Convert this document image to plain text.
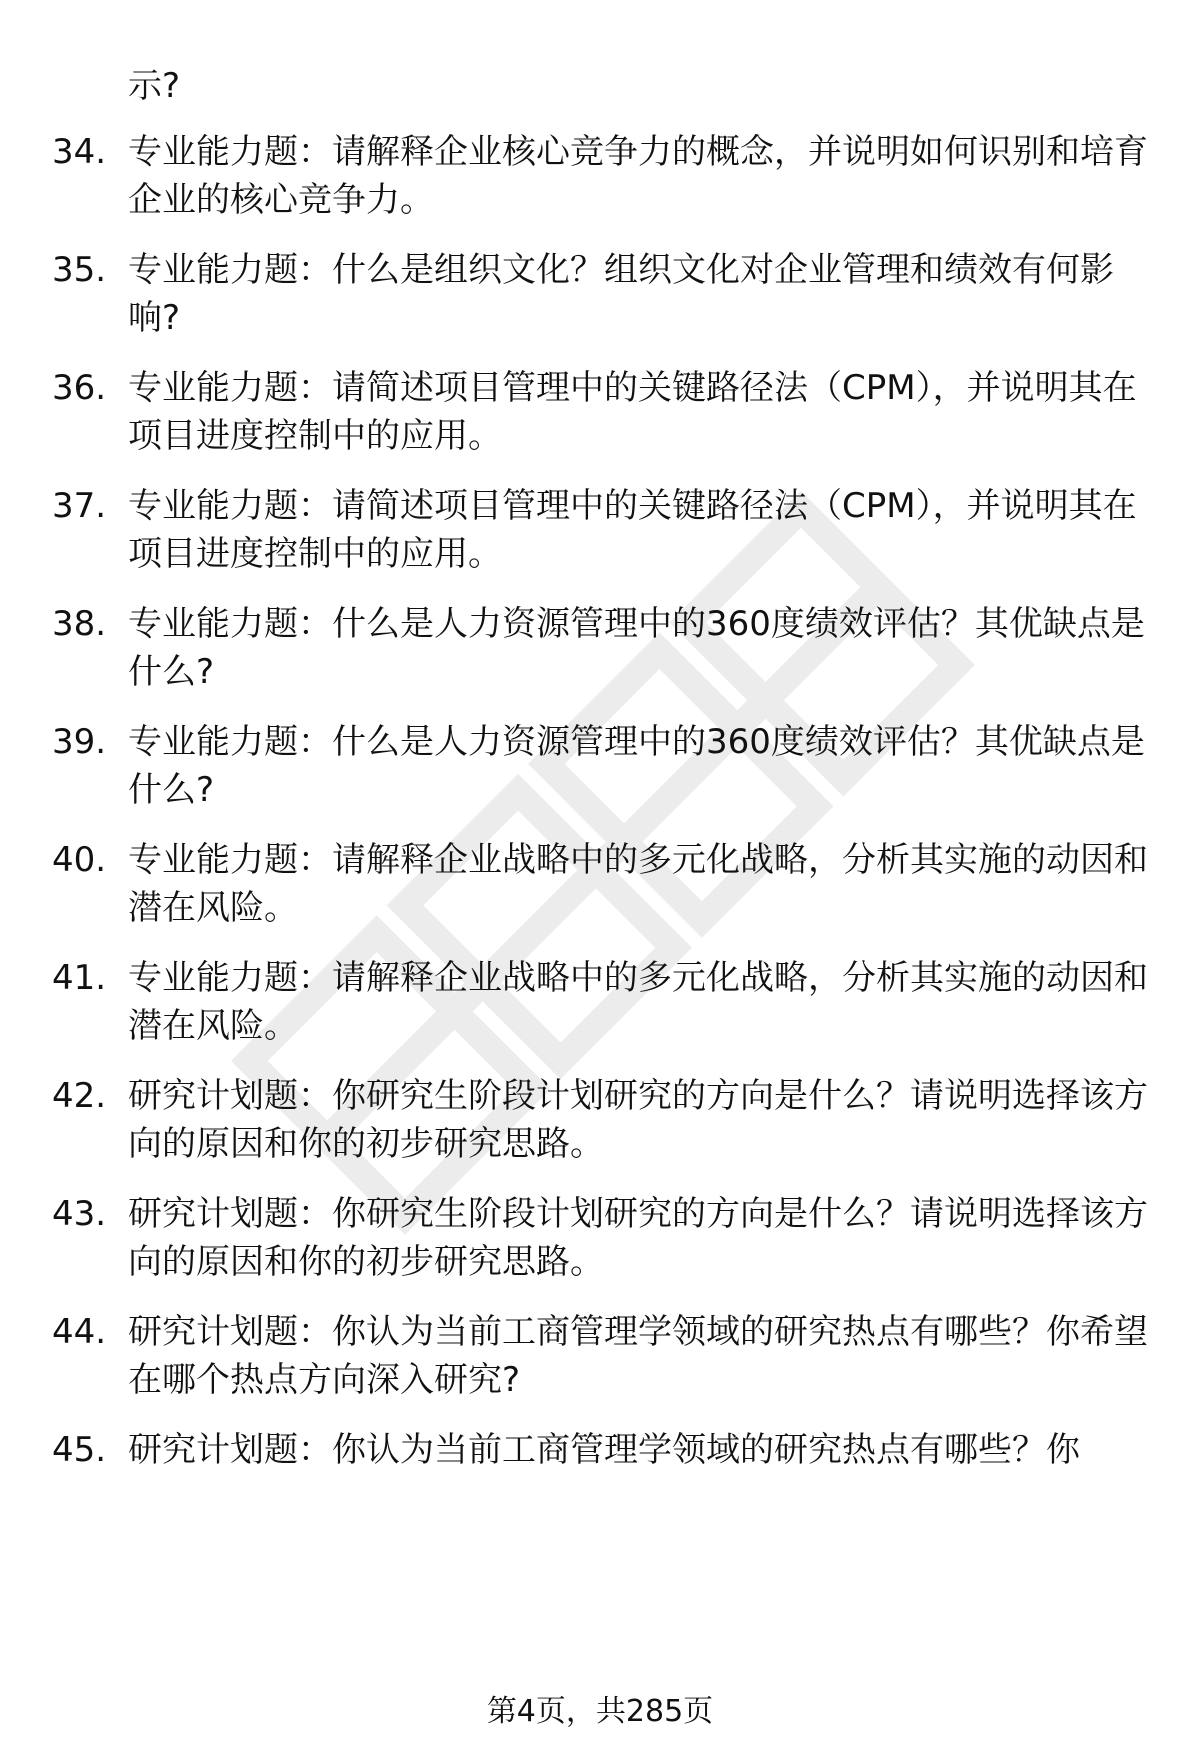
示?

34. 专业能力题：请解释企业核心竞争力的概念，并说明如何识别和培育企业的核心竞争力。
35. 专业能力题：什么是组织文化？组织文化对企业管理和绩效有何影响?
36. 专业能力题：请简述项目管理中的关键路径法（CPM），并说明其在项目进度控制中的应用。
37. 专业能力题：请简述项目管理中的关键路径法（CPM），并说明其在项目进度控制中的应用。
38. 专业能力题：什么是人力资源管理中的360度绩效评估？其优缺点是什么?
39. 专业能力题：什么是人力资源管理中的360度绩效评估？其优缺点是什么?
40. 专业能力题：请解释企业战略中的多元化战略，分析其实施的动因和潜在风险。
41. 专业能力题：请解释企业战略中的多元化战略，分析其实施的动因和潜在风险。
42. 研究计划题：你研究生阶段计划研究的方向是什么？请说明选择该方向的原因和你的初步研究思路。
43. 研究计划题：你研究生阶段计划研究的方向是什么？请说明选择该方向的原因和你的初步研究思路。
44. 研究计划题：你认为当前工商管理学领域的研究热点有哪些？你希望在哪个热点方向深入研究?
45. 研究计划题：你认为当前工商管理学领域的研究热点有哪些？你
第4页，共285页
